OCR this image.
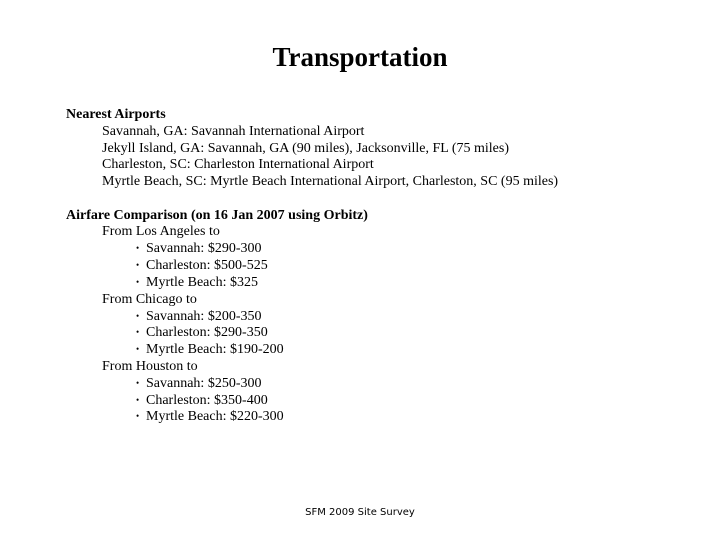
Transportation
Nearest Airports
Savannah, GA: Savannah International Airport
Jekyll Island, GA: Savannah, GA (90 miles), Jacksonville, FL (75 miles)
Charleston, SC: Charleston International Airport
Myrtle Beach, SC: Myrtle Beach International Airport, Charleston, SC (95 miles)
Airfare Comparison (on 16 Jan 2007 using Orbitz)
From Los Angeles to
• Savannah: $290-300
• Charleston: $500-525
• Myrtle Beach: $325
From Chicago to
• Savannah: $200-350
• Charleston: $290-350
• Myrtle Beach: $190-200
From Houston to
• Savannah: $250-300
• Charleston: $350-400
• Myrtle Beach: $220-300
SFM 2009 Site Survey
